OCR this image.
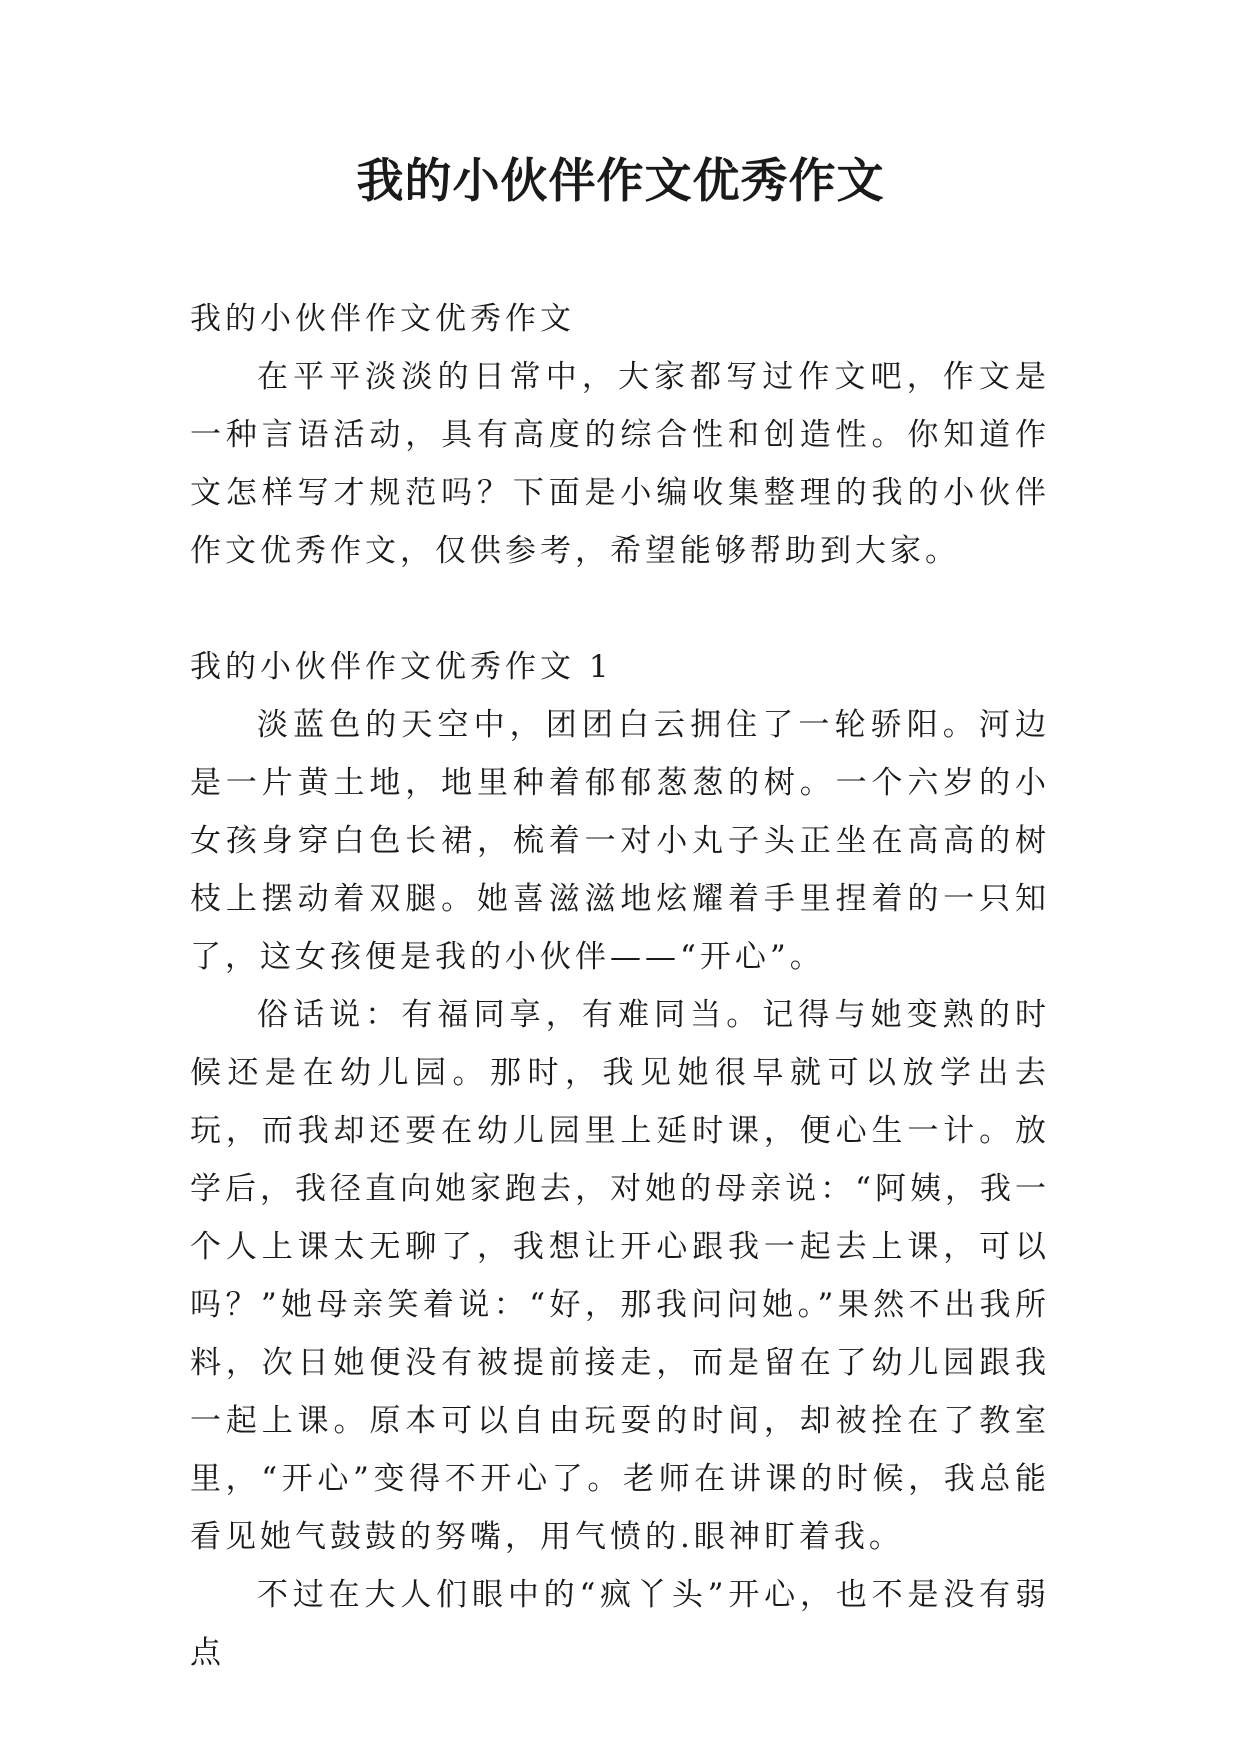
我的小伙伴作文优秀作文

我的小伙伴作文优秀作文

在平平淡淡的日常中，大家都写过作文吧，作文是一种言语活动，具有高度的综合性和创造性。你知道作文怎样写才规范吗？下面是小编收集整理的我的小伙伴作文优秀作文，仅供参考，希望能够帮助到大家。

我的小伙伴作文优秀作文 1

淡蓝色的天空中，团团白云拥住了一轮骄阳。河边是一片黄土地，地里种着郁郁葱葱的树。一个六岁的小女孩身穿白色长裙，梳着一对小丸子头正坐在高高的树枝上摆动着双腿。她喜滋滋地炫耀着手里捏着的一只知了，这女孩便是我的小伙伴——“开心”。

俗话说：有福同享，有难同当。记得与她变熟的时候还是在幼儿园。那时，我见她很早就可以放学出去玩，而我却还要在幼儿园里上延时课，便心生一计。放学后，我径直向她家跑去，对她的母亲说：“阿姨，我一个人上课太无聊了，我想让开心跟我一起去上课，可以吗？”她母亲笑着说：“好，那我问问她。”果然不出我所料，次日她便没有被提前接走，而是留在了幼儿园跟我一起上课。原本可以自由玩耍的时间，却被拴在了教室里，“开心”变得不开心了。老师在讲课的时候，我总能看见她气鼓鼓的努嘴，用气愤的.眼神盯着我。

不过在大人们眼中的“疯丫头”开心，也不是没有弱点
